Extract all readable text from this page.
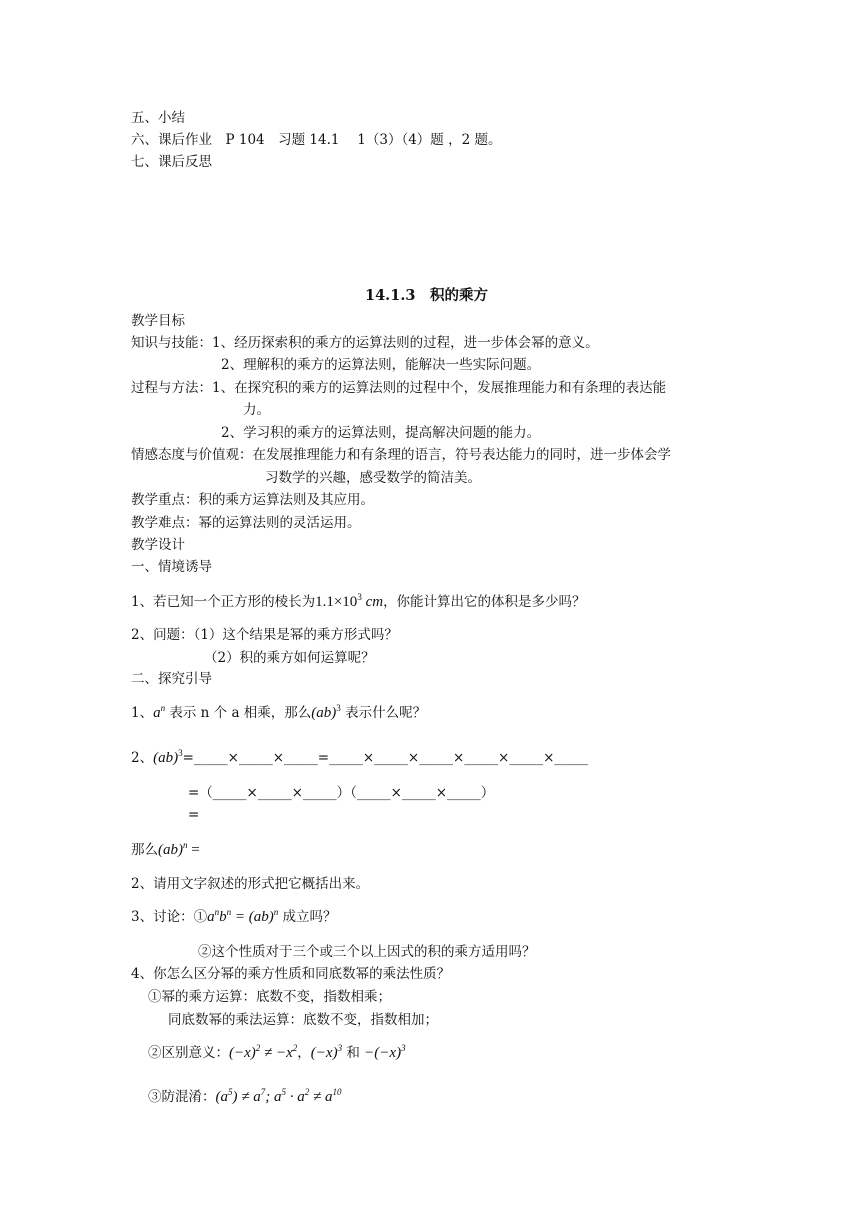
五、小结
六、课后作业　P 104　习题 14.1　 1（3）（4）题 ，2 题。
七、课后反思
14.1.3　积的乘方
教学目标
知识与技能：1、经历探索积的乘方的运算法则的过程，进一步体会幂的意义。
2、理解积的乘方的运算法则，能解决一些实际问题。
过程与方法：1、在探究积的乘方的运算法则的过程中个，发展推理能力和有条理的表达能
力。
2、学习积的乘方的运算法则，提高解决问题的能力。
情感态度与价值观：在发展推理能力和有条理的语言，符号表达能力的同时，进一步体会学
习数学的兴趣，感受数学的简洁美。
教学重点：积的乘方运算法则及其应用。
教学难点：幂的运算法则的灵活运用。
教学设计
一、情境诱导
1、若已知一个正方形的棱长为$1.1\times 10^3$ cm，你能计算出它的体积是多少吗？
2、问题：（1）这个结果是幂的乘方形式吗？
（2）积的乘方如何运算呢？
二、探究引导
1、$a^n$ 表示 n 个 a 相乘，那么(ab)$^3$ 表示什么呢？
2、(ab)$^3$=_____×_____×_____=_____×_____×_____×_____×_____×_____
=（_____×_____×_____）（_____×_____×_____）
=
那么(ab)$^n$ =
2、请用文字叙述的形式把它概括出来。
3、讨论：$①a^nb^n = (ab)^n$ 成立吗？
②这个性质对于三个或三个以上因式的积的乘方适用吗？
4、你怎么区分幂的乘方性质和同底数幂的乘法性质？
①幂的乘方运算：底数不变，指数相乘；
同底数幂的乘法运算：底数不变，指数相加；
②区别意义：$(-x)^2 \ne -x^2$，$(-x)^3$ 和 $-(-x)^3$
③防混淆：$(a^5) \ne a^7$; $a^5 \cdot a^2 \ne a^{10}$
